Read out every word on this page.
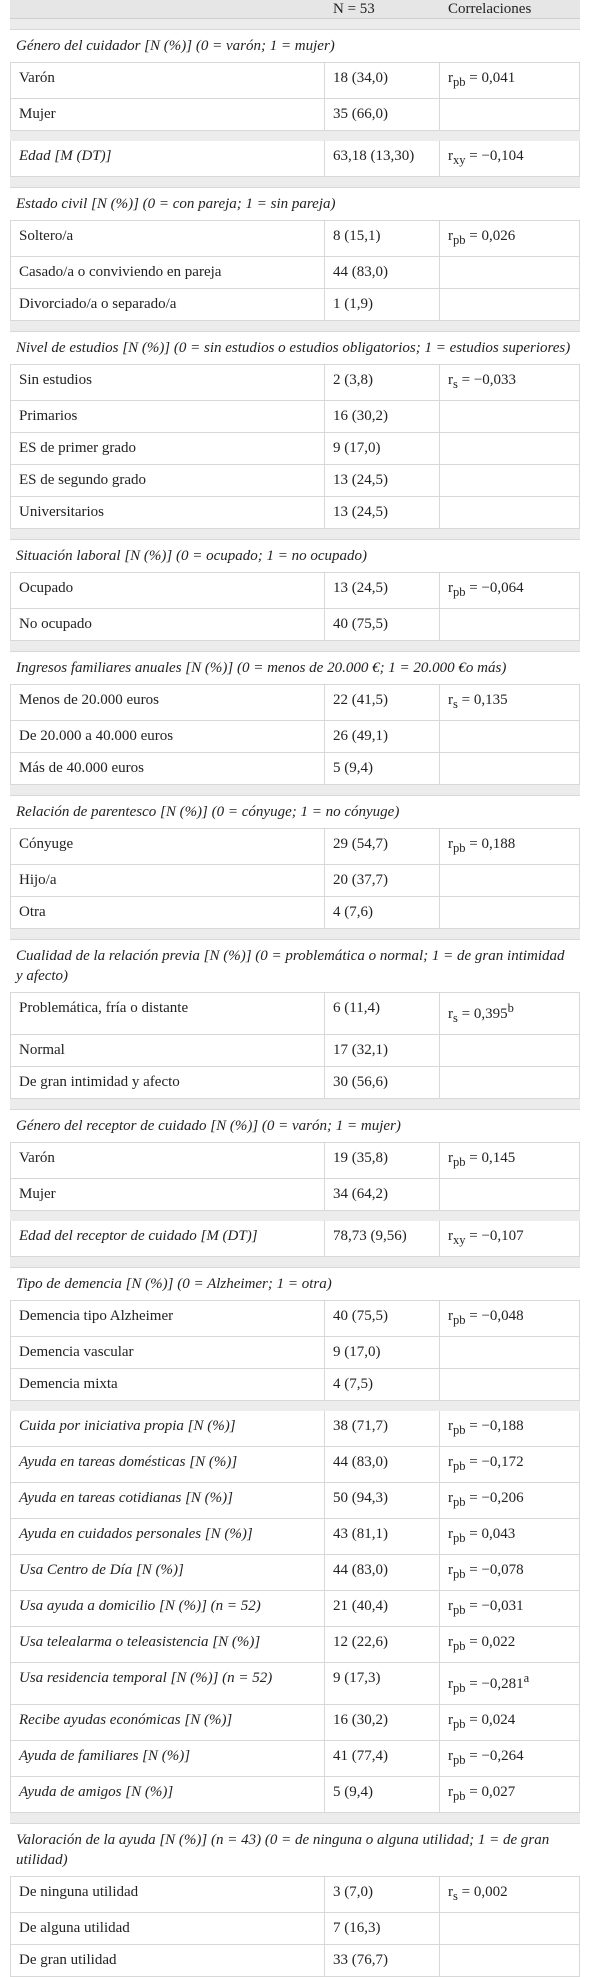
N = 53	Correlaciones
Género del cuidador [N (%)] (0 = varón; 1 = mujer)
Varón	18 (34,0)	$r_{pb} = 0,041$
Mujer	35 (66,0)
Edad [M (DT)]	63,18 (13,30)	$r_{xy} = -0,104$
Estado civil [N (%)] (0 = con pareja; 1 = sin pareja)
Soltero/a	8 (15,1)	$r_{pb} = 0,026$
Casado/a o conviviendo en pareja	44 (83,0)
Divorciado/a o separado/a	1 (1,9)
Nivel de estudios [N (%)] (0 = sin estudios o estudios obligatorios; 1 = estudios superiores)
Sin estudios	2 (3,8)	$r_s = -0,033$
Primarios	16 (30,2)
ES de primer grado	9 (17,0)
ES de segundo grado	13 (24,5)
Universitarios	13 (24,5)
Situación laboral [N (%)] (0 = ocupado; 1 = no ocupado)
Ocupado	13 (24,5)	$r_{pb} = -0,064$
No ocupado	40 (75,5)
Ingresos familiares anuales [N (%)] (0 = menos de 20.000 €; 1 = 20.000 €o más)
Menos de 20.000 euros	22 (41,5)	$r_s = 0,135$
De 20.000 a 40.000 euros	26 (49,1)
Más de 40.000 euros	5 (9,4)
Relación de parentesco [N (%)] (0 = cónyuge; 1 = no cónyuge)
Cónyuge	29 (54,7)	$r_{pb} = 0,188$
Hijo/a	20 (37,7)
Otra	4 (7,6)
Cualidad de la relación previa [N (%)] (0 = problemática o normal; 1 = de gran intimidad y afecto)
Problemática, fría o distante	6 (11,4)	$r_s = 0,395^b$
Normal	17 (32,1)
De gran intimidad y afecto	30 (56,6)
Género del receptor de cuidado [N (%)] (0 = varón; 1 = mujer)
Varón	19 (35,8)	$r_{pb} = 0,145$
Mujer	34 (64,2)
Edad del receptor de cuidado [M (DT)]	78,73 (9,56)	$r_{xy} = -0,107$
Tipo de demencia [N (%)] (0 = Alzheimer; 1 = otra)
Demencia tipo Alzheimer	40 (75,5)	$r_{pb} = -0,048$
Demencia vascular	9 (17,0)
Demencia mixta	4 (7,5)
Cuida por iniciativa propia [N (%)]	38 (71,7)	$r_{pb} = -0,188$
Ayuda en tareas domésticas [N (%)]	44 (83,0)	$r_{pb} = -0,172$
Ayuda en tareas cotidianas [N (%)]	50 (94,3)	$r_{pb} = -0,206$
Ayuda en cuidados personales [N (%)]	43 (81,1)	$r_{pb} = 0,043$
Usa Centro de Día [N (%)]	44 (83,0)	$r_{pb} = -0,078$
Usa ayuda a domicilio [N (%)] (n = 52)	21 (40,4)	$r_{pb} = -0,031$
Usa telealarma o teleasistencia [N (%)]	12 (22,6)	$r_{pb} = 0,022$
Usa residencia temporal [N (%)] (n = 52)	9 (17,3)	$r_{pb} = -0,281^a$
Recibe ayudas económicas [N (%)]	16 (30,2)	$r_{pb} = 0,024$
Ayuda de familiares [N (%)]	41 (77,4)	$r_{pb} = -0,264$
Ayuda de amigos [N (%)]	5 (9,4)	$r_{pb} = 0,027$
Valoración de la ayuda [N (%)] (n = 43) (0 = de ninguna o alguna utilidad; 1 = de gran utilidad)
De ninguna utilidad	3 (7,0)	$r_s = 0,002$
De alguna utilidad	7 (16,3)
De gran utilidad	33 (76,7)
